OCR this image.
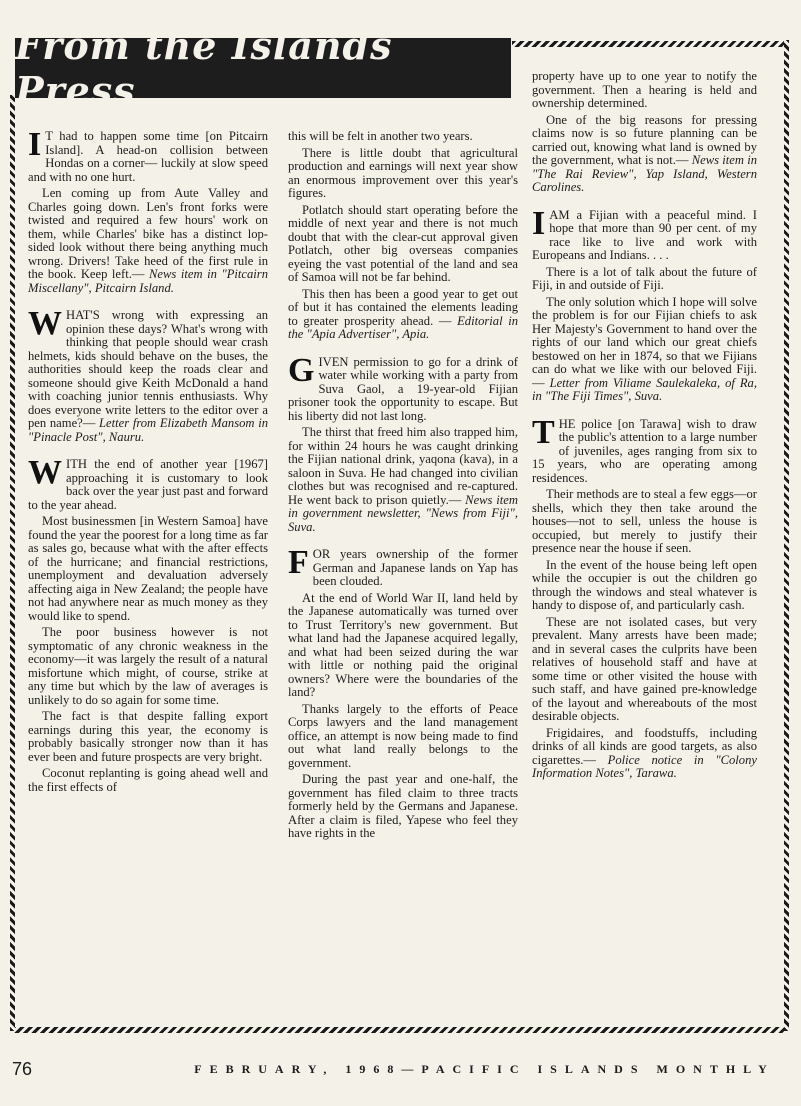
From the Islands Press

I T had to happen some time [on Pitcairn Island]. A head-on collision between Hondas on a corner— luckily at slow speed and with no one hurt.

Len coming up from Aute Valley and Charles going down. Len's front forks were twisted and required a few hours' work on them, while Charles' bike has a distinct lop-sided look without there being anything much wrong. Drivers! Take heed of the first rule in the book. Keep left.— News item in "Pitcairn Miscellany", Pitcairn Island.

WHAT'S wrong with expressing an opinion these days? What's wrong with thinking that people should wear crash helmets, kids should behave on the buses, the authorities should keep the roads clear and someone should give Keith McDonald a hand with coaching junior tennis enthusiasts. Why does everyone write letters to the editor over a pen name?— Letter from Elizabeth Mansom in "Pinacle Post", Nauru.

WITH the end of another year [1967] approaching it is customary to look back over the year just past and forward to the year ahead.

Most businessmen [in Western Samoa] have found the year the poorest for a long time as far as sales go, because what with the after effects of the hurricane; and financial restrictions, unemployment and devaluation adversely affecting aiga in New Zealand; the people have not had anywhere near as much money as they would like to spend.

The poor business however is not symptomatic of any chronic weakness in the economy—it was largely the result of a natural misfortune which might, of course, strike at any time but which by the law of averages is unlikely to do so again for some time.

The fact is that despite falling export earnings during this year, the economy is probably basically stronger now than it has ever been and future prospects are very bright.

Coconut replanting is going ahead well and the first effects of

this will be felt in another two years.

There is little doubt that agricultural production and earnings will next year show an enormous improvement over this year's figures.

Potlatch should start operating before the middle of next year and there is not much doubt that with the clear-cut approval given Potlatch, other big overseas companies eyeing the vast potential of the land and sea of Samoa will not be far behind.

This then has been a good year to get out of but it has contained the elements leading to greater prosperity ahead. — Editorial in the "Apia Advertiser", Apia.

GIVEN permission to go for a drink of water while working with a party from Suva Gaol, a 19-year-old Fijian prisoner took the opportunity to escape. But his liberty did not last long.

The thirst that freed him also trapped him, for within 24 hours he was caught drinking the Fijian national drink, yaqona (kava), in a saloon in Suva. He had changed into civilian clothes but was recognised and re-captured. He went back to prison quietly.— News item in government newsletter, "News from Fiji", Suva.

FOR years ownership of the former German and Japanese lands on Yap has been clouded.

At the end of World War II, land held by the Japanese automatically was turned over to Trust Territory's new government. But what land had the Japanese acquired legally, and what had been seized during the war with little or nothing paid the original owners? Where were the boundaries of the land?

Thanks largely to the efforts of Peace Corps lawyers and the land management office, an attempt is now being made to find out what land really belongs to the government.

During the past year and one-half, the government has filed claim to three tracts formerly held by the Germans and Japanese. After a claim is filed, Yapese who feel they have rights in the

property have up to one year to notify the government. Then a hearing is held and ownership determined.

One of the big reasons for pressing claims now is so future planning can be carried out, knowing what land is owned by the government, what is not.— News item in "The Rai Review", Yap Island, Western Carolines.

IAM a Fijian with a peaceful mind. I hope that more than 90 per cent. of my race like to live and work with Europeans and Indians. . . .

There is a lot of talk about the future of Fiji, in and outside of Fiji.

The only solution which I hope will solve the problem is for our Fijian chiefs to ask Her Majesty's Government to hand over the rights of our land which our great chiefs bestowed on her in 1874, so that we Fijians can do what we like with our beloved Fiji.— Letter from Viliame Saulekaleka, of Ra, in "The Fiji Times", Suva.

THE police [on Tarawa] wish to draw the public's attention to a large number of juveniles, ages ranging from six to 15 years, who are operating among residences.

Their methods are to steal a few eggs—or shells, which they then take around the houses—not to sell, unless the house is occupied, but merely to justify their presence near the house if seen.

In the event of the house being left open while the occupier is out the children go through the windows and steal whatever is handy to dispose of, and particularly cash.

These are not isolated cases, but very prevalent. Many arrests have been made; and in several cases the culprits have been relatives of household staff and have at some time or other visited the house with such staff, and have gained pre-knowledge of the layout and whereabouts of the most desirable objects.

Frigidaires, and foodstuffs, including drinks of all kinds are good targets, as also cigarettes.— Police notice in "Colony Information Notes", Tarawa.

76	FEBRUARY, 1968—PACIFIC ISLANDS MONTHLY
